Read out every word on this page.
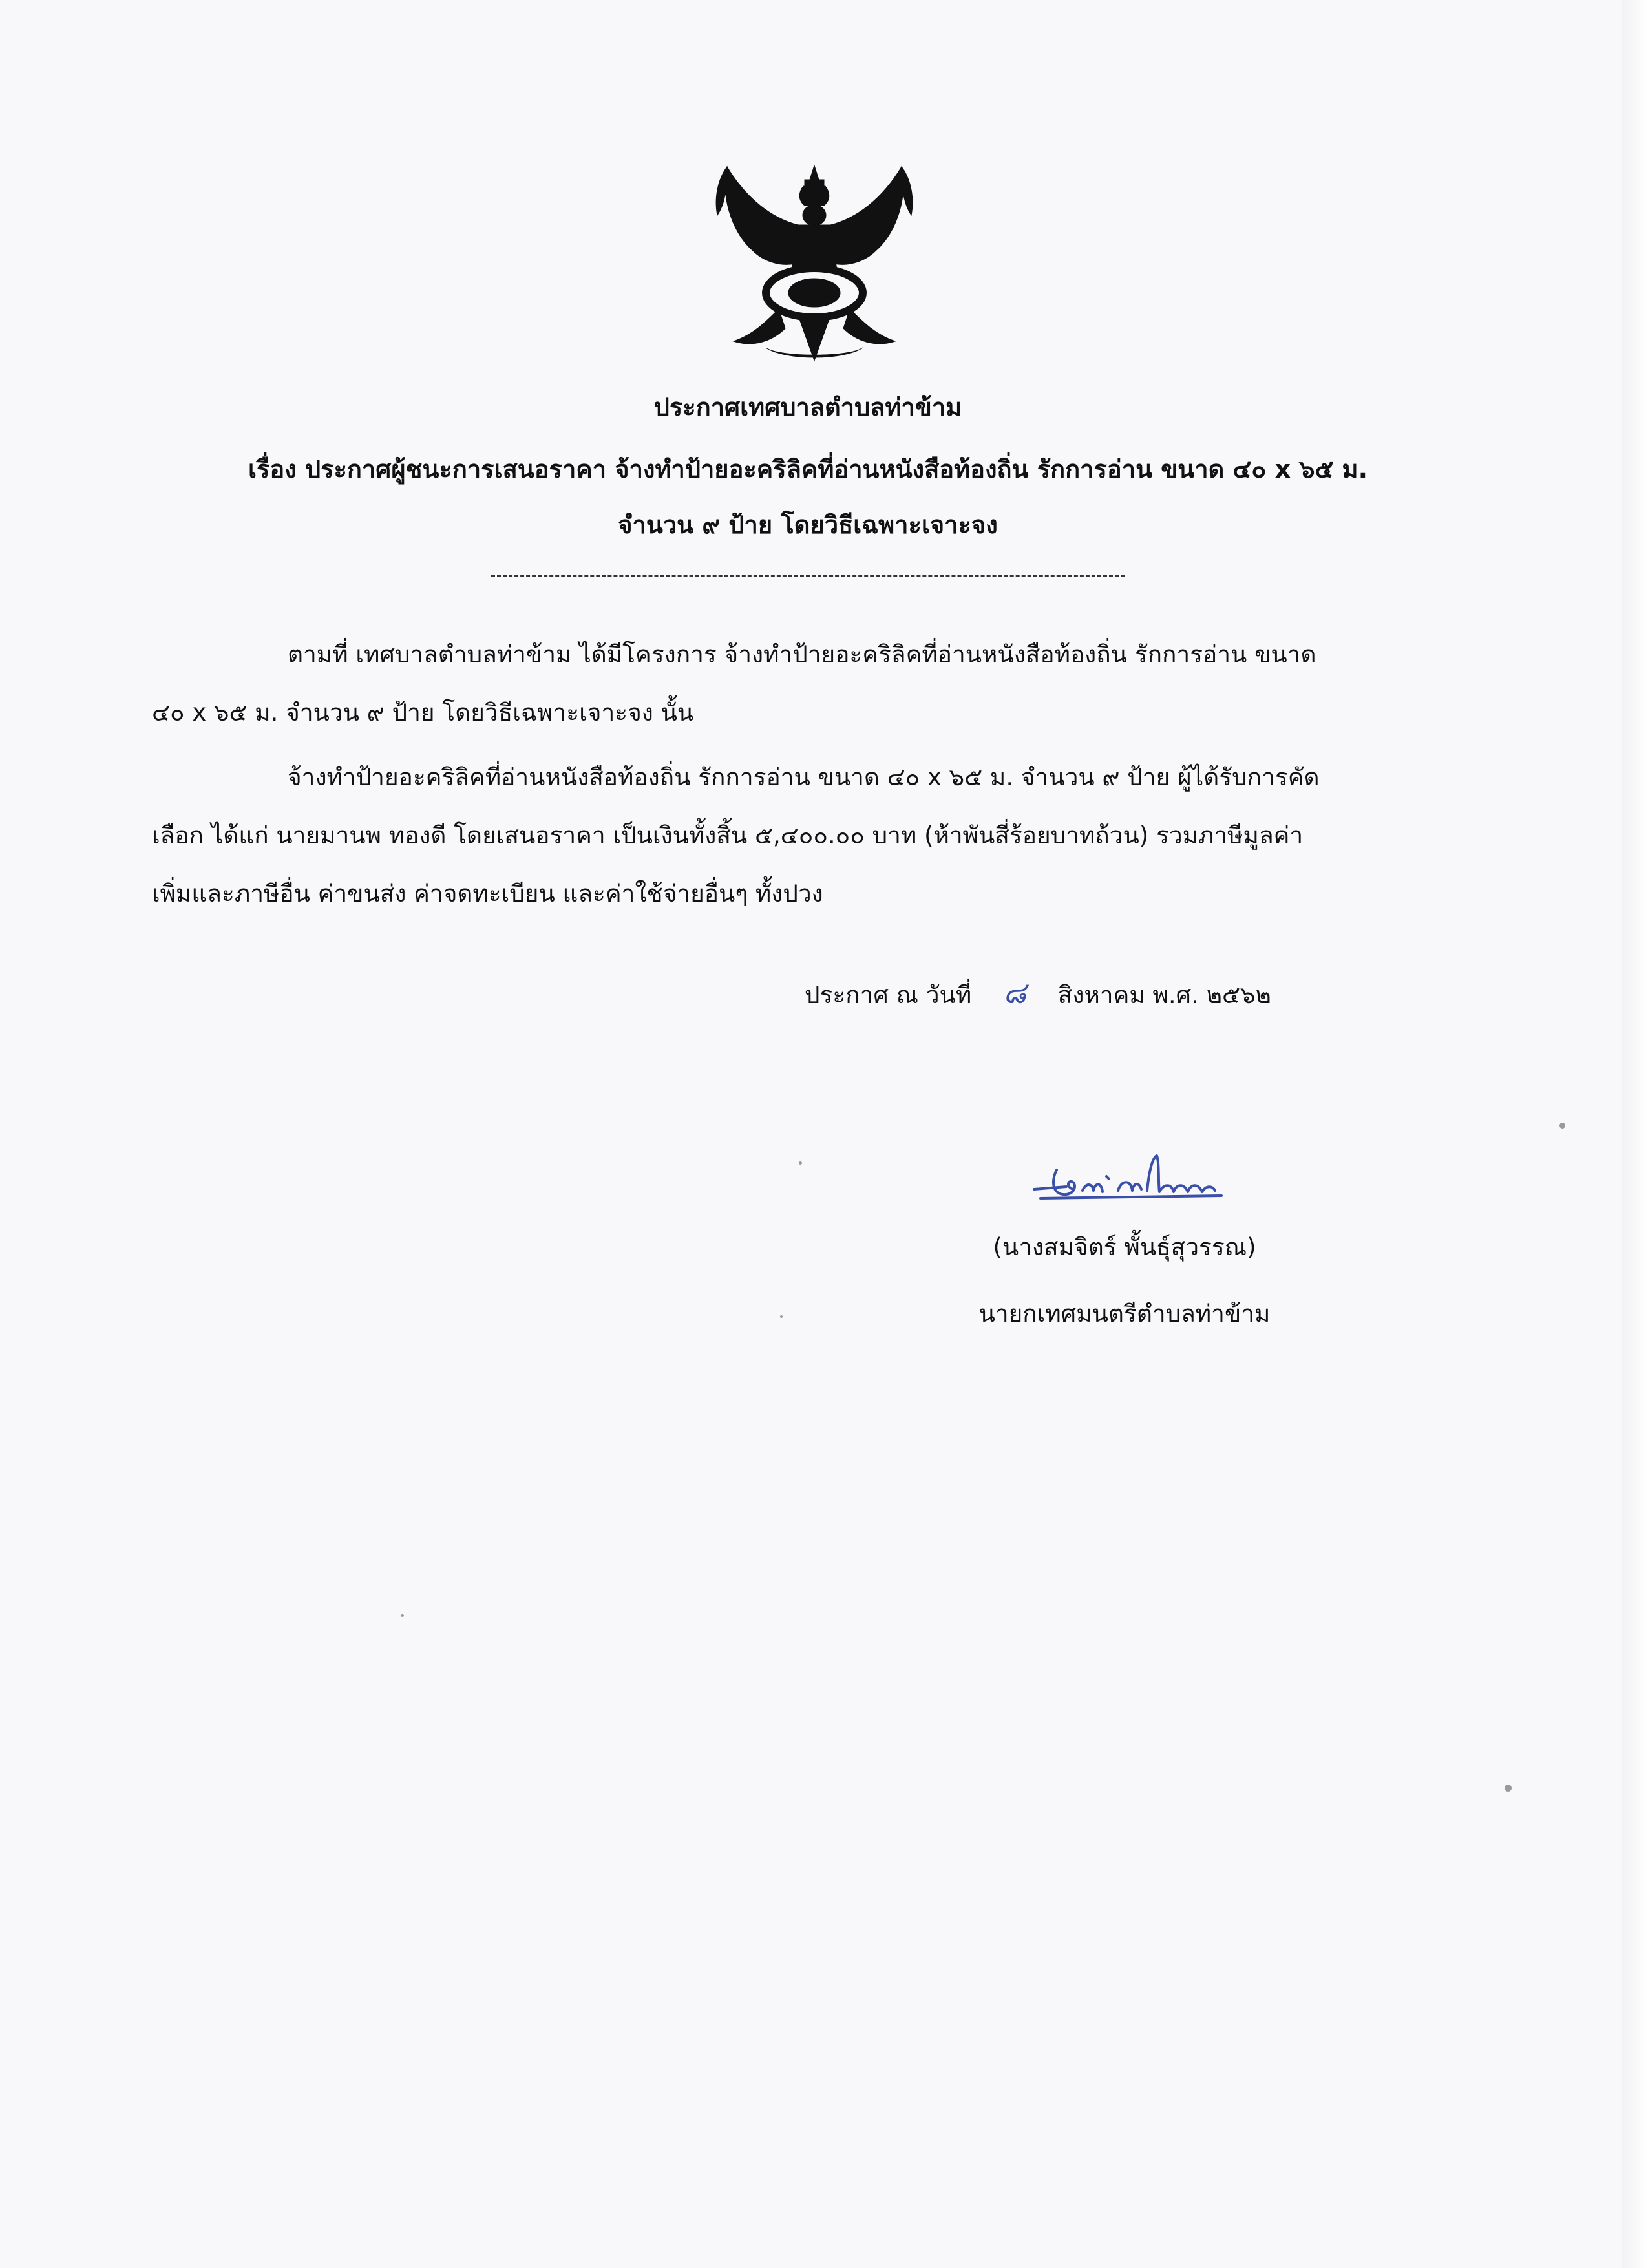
ประกาศเทศบาลตำบลท่าข้าม
เรื่อง ประกาศผู้ชนะการเสนอราคา จ้างทำป้ายอะคริลิคที่อ่านหนังสือท้องถิ่น รักการอ่าน ขนาด ๔๐ x ๖๕ ม.
จำนวน ๙ ป้าย โดยวิธีเฉพาะเจาะจง
ตามที่ เทศบาลตำบลท่าข้าม ได้มีโครงการ จ้างทำป้ายอะคริลิคที่อ่านหนังสือท้องถิ่น รักการอ่าน ขนาด
๔๐ x ๖๕ ม. จำนวน ๙ ป้าย โดยวิธีเฉพาะเจาะจง นั้น
จ้างทำป้ายอะคริลิคที่อ่านหนังสือท้องถิ่น รักการอ่าน ขนาด ๔๐ x ๖๕ ม. จำนวน ๙ ป้าย ผู้ได้รับการคัด
เลือก ได้แก่ นายมานพ ทองดี โดยเสนอราคา เป็นเงินทั้งสิ้น ๕,๔๐๐.๐๐ บาท (ห้าพันสี่ร้อยบาทถ้วน) รวมภาษีมูลค่า
เพิ่มและภาษีอื่น ค่าขนส่ง ค่าจดทะเบียน และค่าใช้จ่ายอื่นๆ ทั้งปวง
ประกาศ ณ วันที่ ๘ สิงหาคม พ.ศ. ๒๕๖๒
(นางสมจิตร์ พั้นธุ์สุวรรณ)
นายกเทศมนตรีตำบลท่าข้าม
